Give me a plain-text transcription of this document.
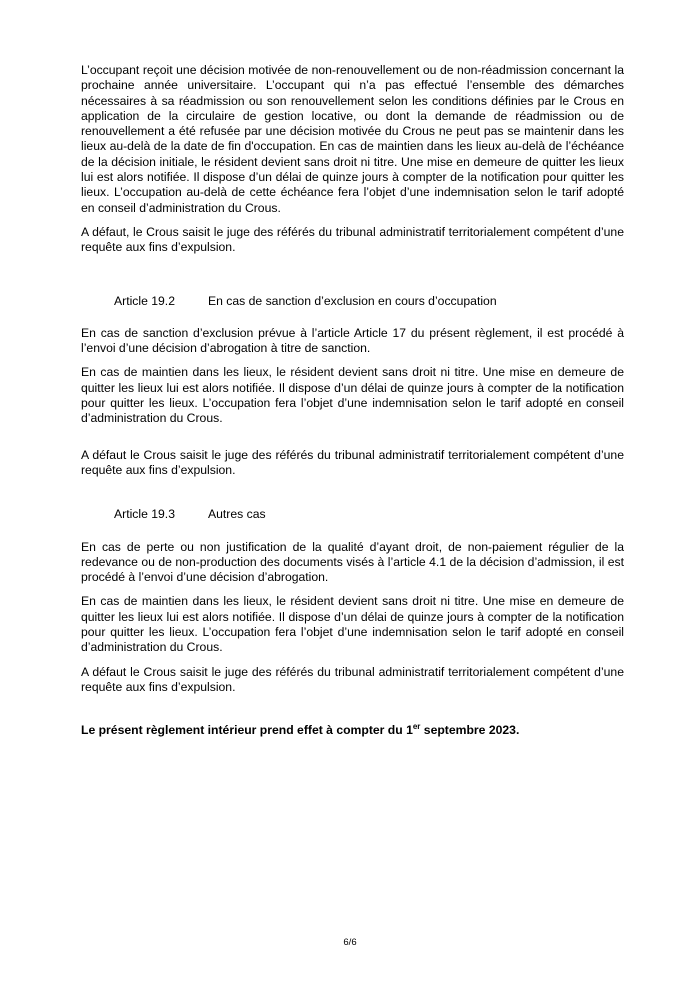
L’occupant reçoit une décision motivée de non-renouvellement ou de non-réadmission concernant la prochaine année universitaire. L’occupant qui n’a pas effectué l’ensemble des démarches nécessaires à sa réadmission ou son renouvellement selon les conditions définies par le Crous en application de la circulaire de gestion locative, ou dont la demande de réadmission ou de renouvellement a été refusée par une décision motivée du Crous ne peut pas se maintenir dans les lieux au-delà de la date de fin d'occupation. En cas de maintien dans les lieux au-delà de l’échéance de la décision initiale, le résident devient sans droit ni titre. Une mise en demeure de quitter les lieux lui est alors notifiée. Il dispose d’un délai de quinze jours à compter de la notification pour quitter les lieux. L’occupation au-delà de cette échéance fera l’objet d’une indemnisation selon le tarif adopté en conseil d’administration du Crous.

A défaut, le Crous saisit le juge des référés du tribunal administratif territorialement compétent d’une requête aux fins d’expulsion.

Article 19.2	En cas de sanction d’exclusion en cours d’occupation

En cas de sanction d’exclusion prévue à l’article Article 17 du présent règlement, il est procédé à l’envoi d’une décision d’abrogation à titre de sanction.

En cas de maintien dans les lieux, le résident devient sans droit ni titre. Une mise en demeure de quitter les lieux lui est alors notifiée. Il dispose d’un délai de quinze jours à compter de la notification pour quitter les lieux. L’occupation fera l’objet d’une indemnisation selon le tarif adopté en conseil d’administration du Crous.

A défaut le Crous saisit le juge des référés du tribunal administratif territorialement compétent d’une requête aux fins d’expulsion.

Article 19.3	Autres cas

En cas de perte ou non justification de la qualité d’ayant droit, de non-paiement régulier de la redevance ou de non-production des documents visés à l’article 4.1 de la décision d’admission, il est procédé à l’envoi d’une décision d’abrogation.

En cas de maintien dans les lieux, le résident devient sans droit ni titre. Une mise en demeure de quitter les lieux lui est alors notifiée. Il dispose d’un délai de quinze jours à compter de la notification pour quitter les lieux. L’occupation fera l’objet d’une indemnisation selon le tarif adopté en conseil d’administration du Crous.

A défaut le Crous saisit le juge des référés du tribunal administratif territorialement compétent d’une requête aux fins d’expulsion.

Le présent règlement intérieur prend effet à compter du 1er septembre 2023.

6/6
